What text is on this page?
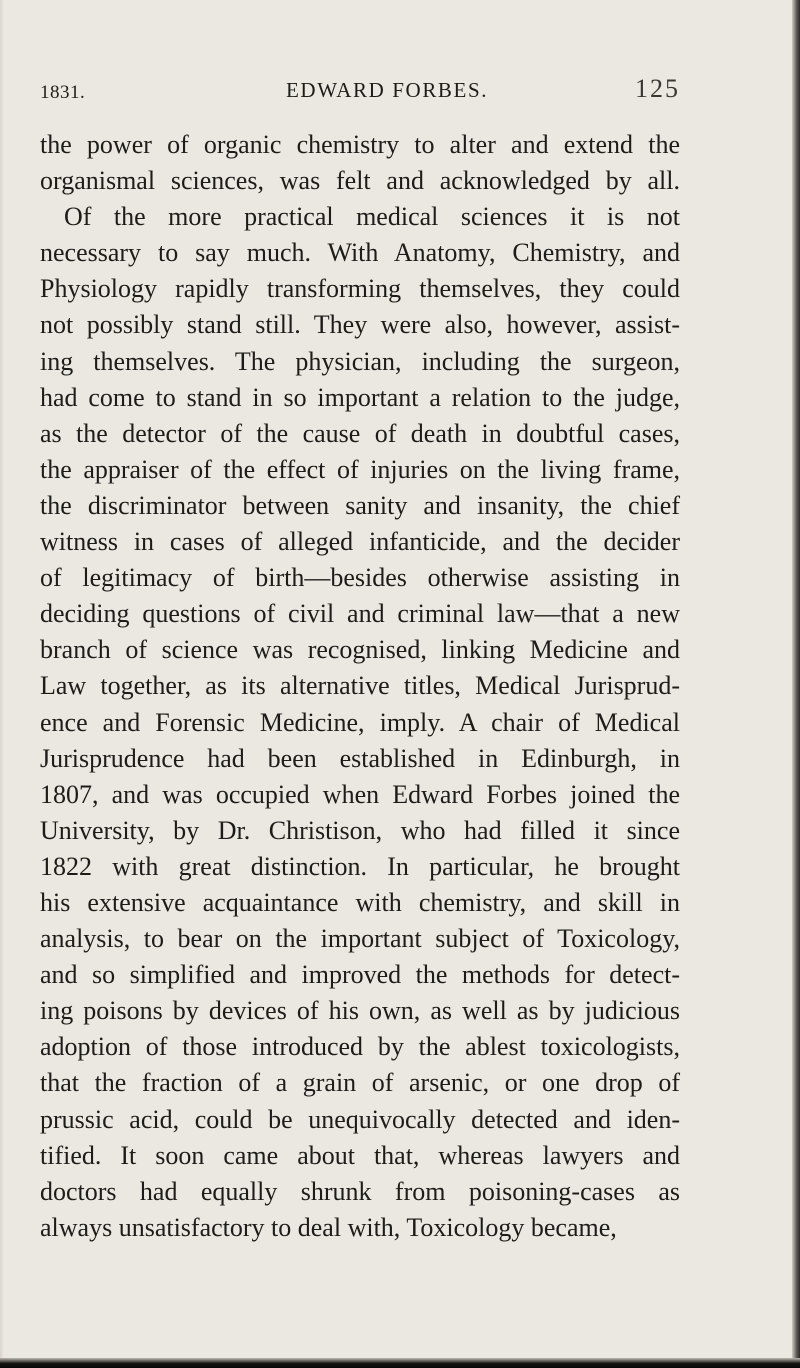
1831.	EDWARD FORBES.	125
the power of organic chemistry to alter and extend the
organismal sciences, was felt and acknowledged by all.
Of the more practical medical sciences it is not
necessary to say much. With Anatomy, Chemistry, and
Physiology rapidly transforming themselves, they could
not possibly stand still. They were also, however, assist-
ing themselves. The physician, including the surgeon,
had come to stand in so important a relation to the judge,
as the detector of the cause of death in doubtful cases,
the appraiser of the effect of injuries on the living frame,
the discriminator between sanity and insanity, the chief
witness in cases of alleged infanticide, and the decider
of legitimacy of birth—besides otherwise assisting in
deciding questions of civil and criminal law—that a new
branch of science was recognised, linking Medicine and
Law together, as its alternative titles, Medical Jurisprud-
ence and Forensic Medicine, imply. A chair of Medical
Jurisprudence had been established in Edinburgh, in
1807, and was occupied when Edward Forbes joined the
University, by Dr. Christison, who had filled it since
1822 with great distinction. In particular, he brought
his extensive acquaintance with chemistry, and skill in
analysis, to bear on the important subject of Toxicology,
and so simplified and improved the methods for detect-
ing poisons by devices of his own, as well as by judicious
adoption of those introduced by the ablest toxicologists,
that the fraction of a grain of arsenic, or one drop of
prussic acid, could be unequivocally detected and iden-
tified. It soon came about that, whereas lawyers and
doctors had equally shrunk from poisoning-cases as
always unsatisfactory to deal with, Toxicology became,
